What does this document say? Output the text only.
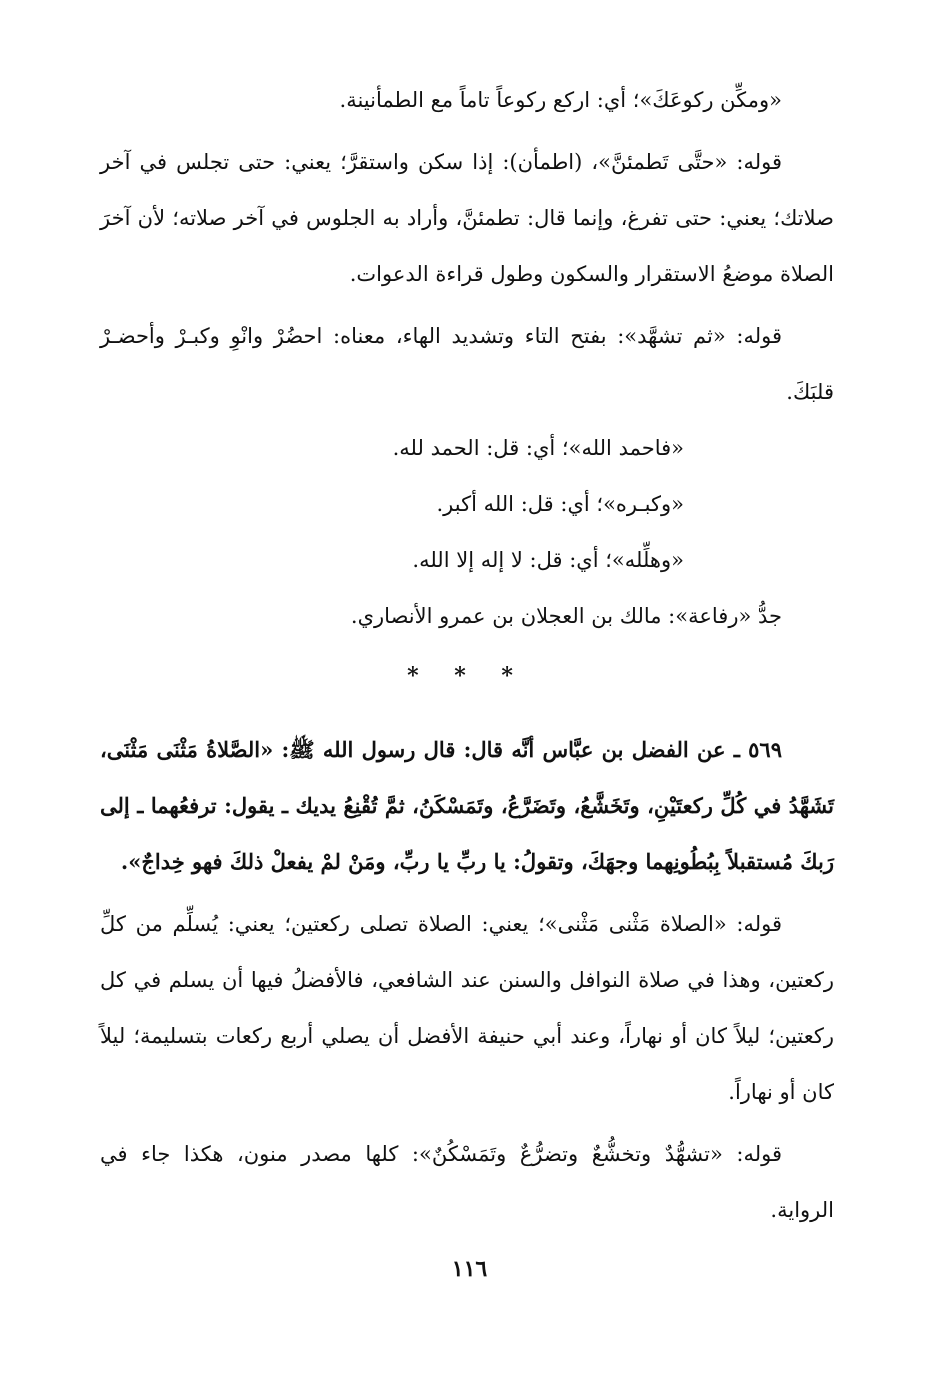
«ومكِّن ركوعَكَ»؛ أي: اركع ركوعاً تاماً مع الطمأنينة.

قوله: «حتَّى تَطمئنَّ»، (اطمأن): إذا سكن واستقرَّ؛ يعني: حتى تجلس في آخر صلاتك؛ يعني: حتى تفرغ، وإنما قال: تطمئنَّ، وأراد به الجلوس في آخر صلاته؛ لأن آخرَ الصلاة موضعُ الاستقرار والسكون وطول قراءة الدعوات.

قوله: «ثم تشهَّد»: بفتح التاء وتشديد الهاء، معناه: احضُرْ وانْوِ وكبـرْ وأحضـرْ قلبَكَ.

«فاحمد الله»؛ أي: قل: الحمد لله.

«وكبـره»؛ أي: قل: الله أكبر.

«وهلِّله»؛ أي: قل: لا إله إلا الله.

جدُّ «رفاعة»: مالك بن العجلان بن عمرو الأنصاري.

* * *

٥٦٩ ـ عن الفضل بن عبَّاس أنَّه قال: قال رسول الله ﷺ: «الصَّلاةُ مَثْنَى مَثْنَى، تَشَهَّدُ في كُلِّ ركعتَيْنِ، وتَخَشَّعُ، وتَضَرَّعُ، وتَمَسْكَنُ، ثمَّ تُقْنِعُ يديك ـ يقول: ترفعُهما ـ إلى رَبكَ مُستقبلاً بِبُطُونِهما وجهَكَ، وتقولُ: يا ربِّ يا ربِّ، ومَنْ لمْ يفعلْ ذلكَ فهو خِداجٌ».

قوله: «الصلاة مَثْنى مَثْنى»؛ يعني: الصلاة تصلى ركعتين؛ يعني: يُسلِّم من كلِّ ركعتين، وهذا في صلاة النوافل والسنن عند الشافعي، فالأفضلُ فيها أن يسلم في كل ركعتين؛ ليلاً كان أو نهاراً، وعند أبي حنيفة الأفضل أن يصلي أربع ركعات بتسليمة؛ ليلاً كان أو نهاراً.

قوله: «تشهُّدٌ وتخشُّعٌ وتضرُّعٌ وتَمَسْكُنٌ»: كلها مصدر منون، هكذا جاء في الرواية.

١١٦
